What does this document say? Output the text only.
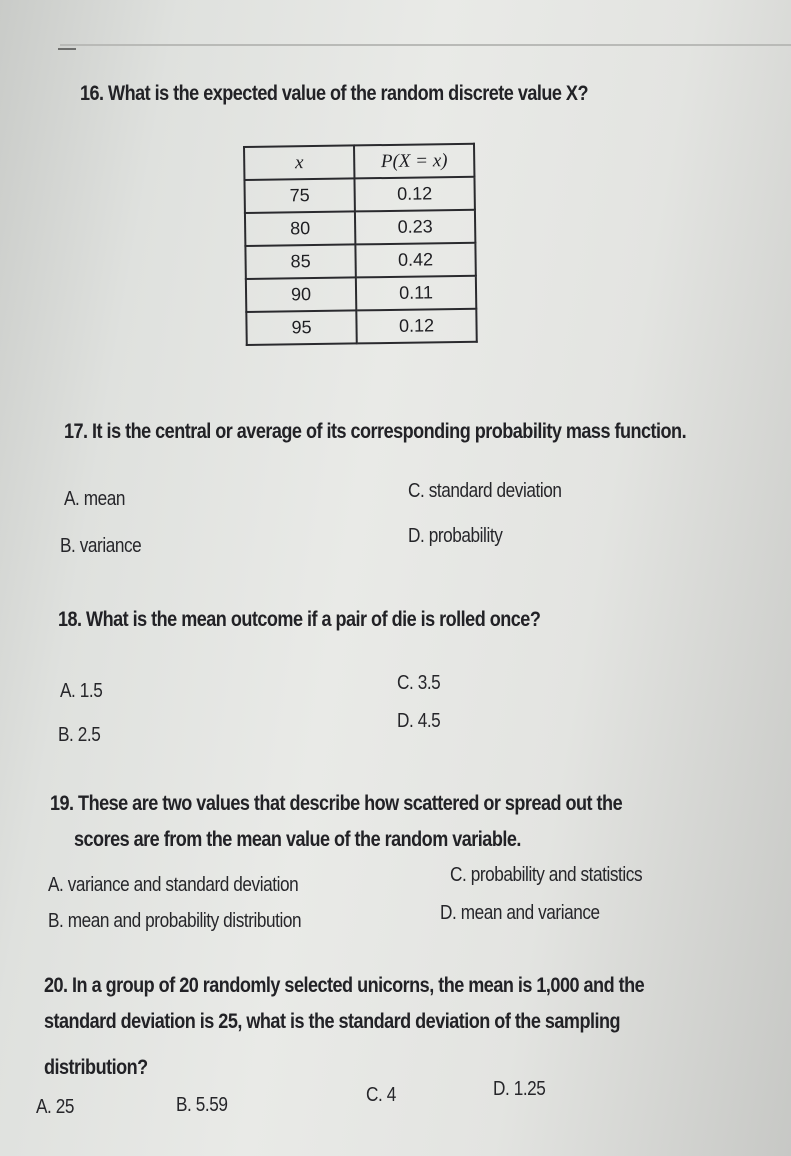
16. What is the expected value of the random discrete value X?
x	P(X = x)
75	0.12
80	0.23
85	0.42
90	0.11
95	0.12
17. It is the central or average of its corresponding probability mass function.
A. mean
B. variance
C. standard deviation
D. probability
18. What is the mean outcome if a pair of die is rolled once?
A. 1.5
B. 2.5
C. 3.5
D. 4.5
19. These are two values that describe how scattered or spread out the
scores are from the mean value of the random variable.
A. variance and standard deviation
B. mean and probability distribution
C. probability and statistics
D. mean and variance
20. In a group of 20 randomly selected unicorns, the mean is 1,000 and the
standard deviation is 25, what is the standard deviation of the sampling
distribution?
A. 25	B. 5.59	C. 4	D. 1.25
